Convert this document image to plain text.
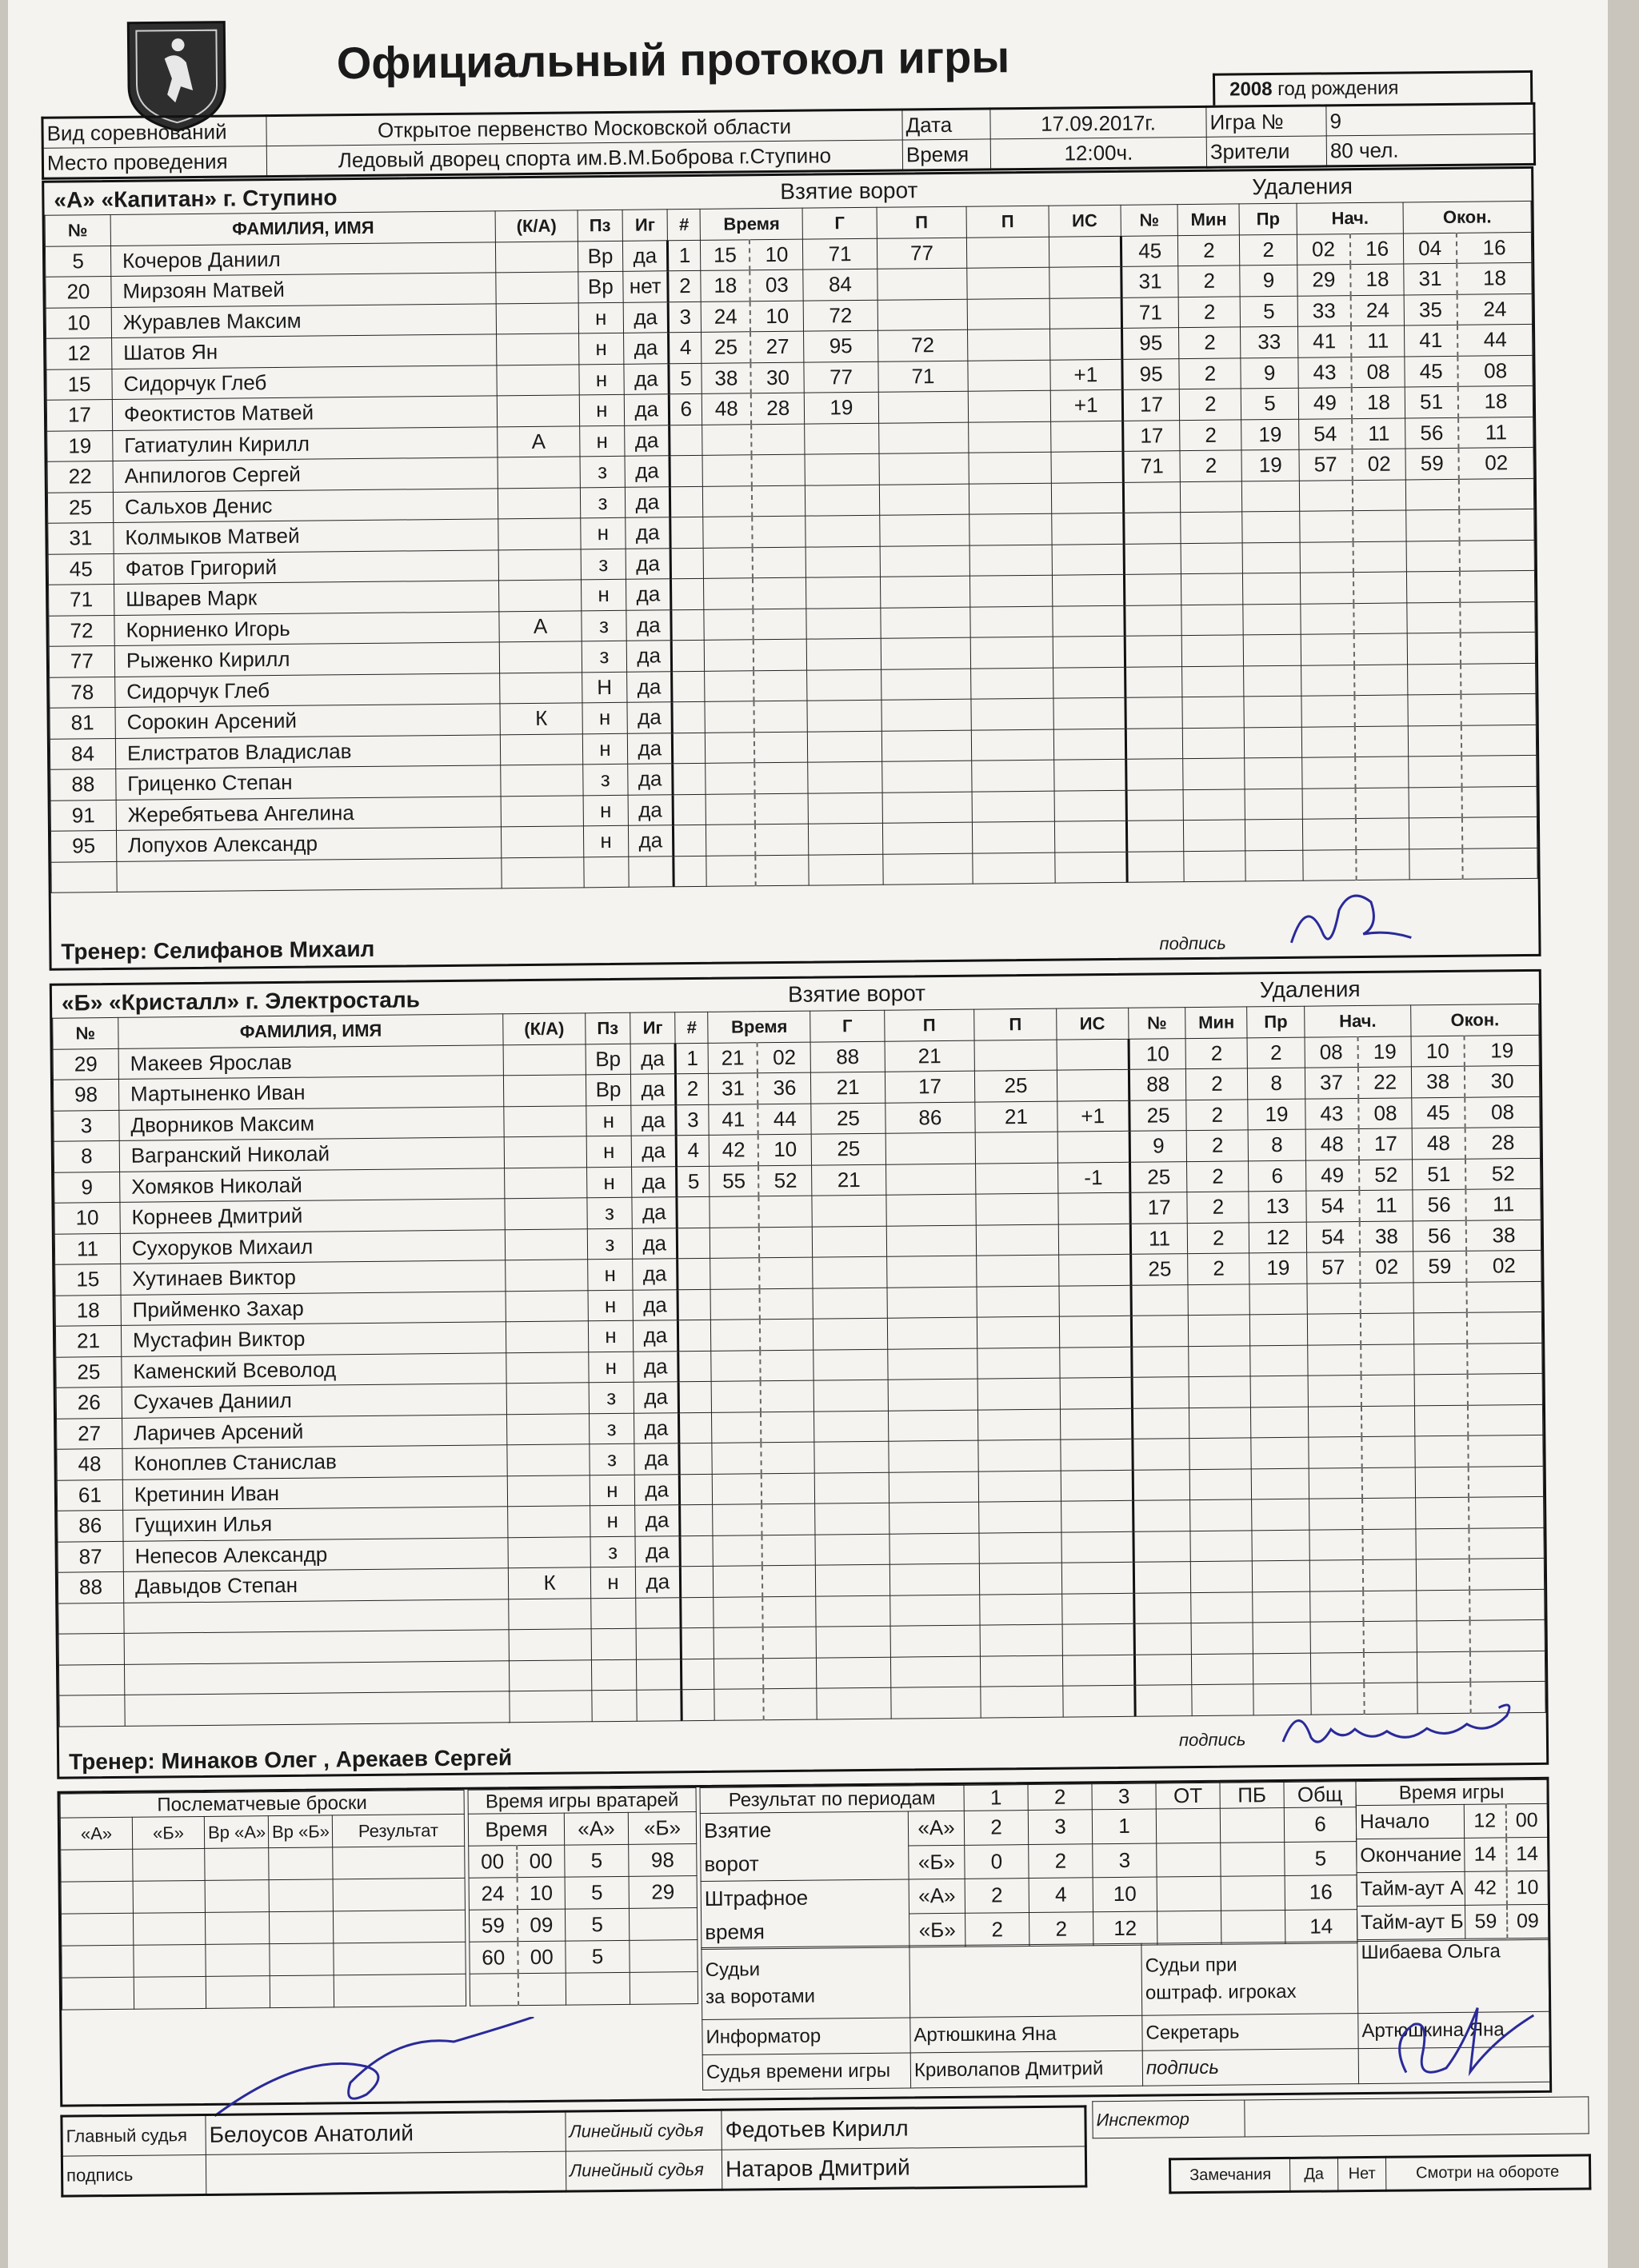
Официальный протокол игры
2008 год рождения
Вид соревнований	Открытое первенство Московской области	Дата	17.09.2017г.	Игра №	9
Место проведения	Ледовый дворец спорта им.В.М.Боброва г.Ступино	Время	12:00ч.	Зрители	80 чел.
«А» «Капитан» г. Ступино	Взятие ворот	Удаления
№	ФАМИЛИЯ, ИМЯ	(К/А)	Пз	Иг	#	Время		Г	П	П	ИС	№	Мин	Пр	Нач.		Окон.	
5	Кочеров Даниил		Вр	да	1	15	10	71	77			45	2	2	02	16	04	16
20	Мирзоян Матвей		Вр	нет	2	18	03	84				31	2	9	29	18	31	18
10	Журавлев Максим		н	да	3	24	10	72				71	2	5	33	24	35	24
12	Шатов Ян		н	да	4	25	27	95	72			95	2	33	41	11	41	44
15	Сидорчук Глеб		н	да	5	38	30	77	71		+1	95	2	9	43	08	45	08
17	Феоктистов Матвей		н	да	6	48	28	19			+1	17	2	5	49	18	51	18
19	Гатиатулин Кирилл	А	н	да								17	2	19	54	11	56	11
22	Анпилогов Сергей		з	да								71	2	19	57	02	59	02
25	Сальхов Денис		з	да														
31	Колмыков Матвей		н	да														
45	Фатов Григорий		з	да														
71	Шварев Марк		н	да														
72	Корниенко Игорь	А	з	да														
77	Рыженко Кирилл		з	да														
78	Сидорчук Глеб		Н	да														
81	Сорокин Арсений	К	н	да														
84	Елистратов Владислав		н	да														
88	Гриценко Степан		з	да														
91	Жеребятьева Ангелина		н	да														
95	Лопухов Александр		н	да														

подпись
Тренер: Селифанов Михаил
«Б» «Кристалл» г. Электросталь	Взятие ворот	Удаления
№	ФАМИЛИЯ, ИМЯ	(К/А)	Пз	Иг	#	Время		Г	П	П	ИС	№	Мин	Пр	Нач.		Окон.	
29	Макеев Ярослав		Вр	да	1	21	02	88	21			10	2	2	08	19	10	19
98	Мартыненко Иван		Вр	да	2	31	36	21	17	25		88	2	8	37	22	38	30
3	Дворников Максим		н	да	3	41	44	25	86	21	+1	25	2	19	43	08	45	08
8	Вагранский Николай		н	да	4	42	10	25				9	2	8	48	17	48	28
9	Хомяков Николай		н	да	5	55	52	21			-1	25	2	6	49	52	51	52
10	Корнеев Дмитрий		з	да								17	2	13	54	11	56	11
11	Сухоруков Михаил		з	да								11	2	12	54	38	56	38
15	Хутинаев Виктор		н	да								25	2	19	57	02	59	02
18	Прийменко Захар		н	да														
21	Мустафин Виктор		н	да														
25	Каменский Всеволод		н	да														
26	Сухачев Даниил		з	да														
27	Ларичев Арсений		з	да														
48	Коноплев Станислав		з	да														
61	Кретинин Иван		н	да														
86	Гущихин Илья		н	да														
87	Непесов Александр		з	да														
88	Давыдов Степан	К	н	да														

подпись
Тренер: Минаков Олег , Арекаев Сергей
Послематчевые броски				
«А»	«Б»	Вр «А»	Вр «Б»	Результат

Время игры вратарей			
Время		«А»	«Б»
00	00	5	98
24	10	5	29
59	09	5	
60	00	5	

Результат по периодам		1	2	3	ОТ	ПБ	Общ
Взятие
ворот	«А»	2	3	1			6
	«Б»	0	2	3			5
Штрафное
время	«А»	2	4	10			16
	«Б»	2	2	12			14
Время игры		
Начало	12	00
Окончание	14	14
Тайм-аут А	42	10
Тайм-аут Б	59	09
Судьи
за воротами		Судьи при
оштраф. игроках	Шибаева Ольга
Информатор	Артюшкина Яна	Секретарь	Артюшкина Яна
Судья времени игры	Криволапов Дмитрий	подпись	
Главный судья	Белоусов Анатолий	Линейный судья	Федотьев Кирилл
подпись		Линейный судья	Натаров Дмитрий
Инспектор	
Замечания	Да	Нет	Смотри на обороте
